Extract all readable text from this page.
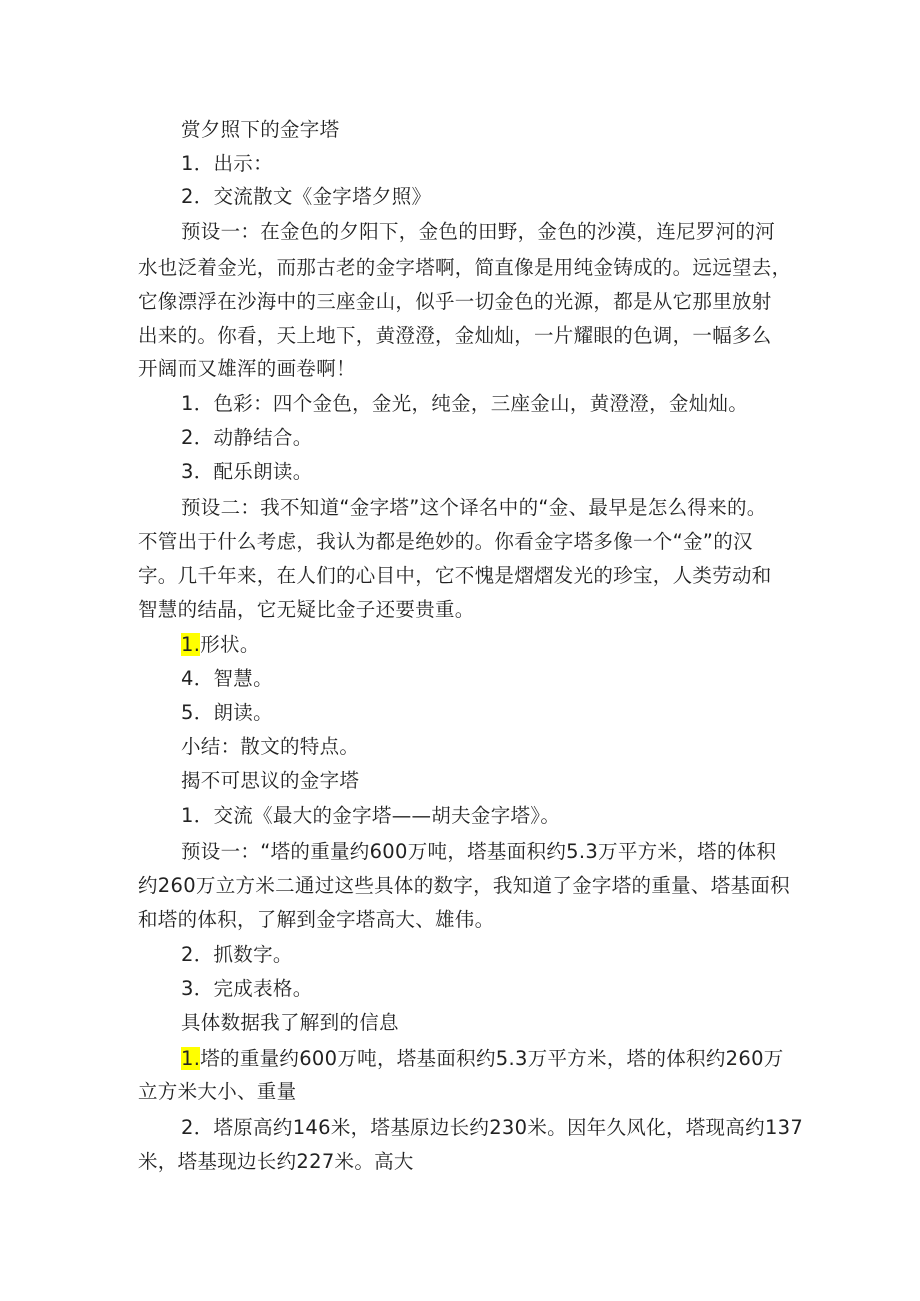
赏夕照下的金字塔
1．出示：
2．交流散文《金字塔夕照》
预设一：在金色的夕阳下，金色的田野，金色的沙漠，连尼罗河的河
水也泛着金光，而那古老的金字塔啊，简直像是用纯金铸成的。远远望去，
它像漂浮在沙海中的三座金山，似乎一切金色的光源，都是从它那里放射
出来的。你看，天上地下，黄澄澄，金灿灿，一片耀眼的色调，一幅多么
开阔而又雄浑的画卷啊！
1．色彩：四个金色，金光，纯金，三座金山，黄澄澄，金灿灿。
2．动静结合。
3．配乐朗读。
预设二：我不知道“金字塔”这个译名中的“金、最早是怎么得来的。
不管出于什么考虑，我认为都是绝妙的。你看金字塔多像一个“金”的汉
字。几千年来，在人们的心目中，它不愧是熠熠发光的珍宝，人类劳动和
智慧的结晶，它无疑比金子还要贵重。
1.形状。
4．智慧。
5．朗读。
小结：散文的特点。
揭不可思议的金字塔
1．交流《最大的金字塔——胡夫金字塔》。
预设一：“塔的重量约600万吨，塔基面积约5.3万平方米，塔的体积
约260万立方米二通过这些具体的数字，我知道了金字塔的重量、塔基面积
和塔的体积，了解到金字塔高大、雄伟。
2．抓数字。
3．完成表格。
具体数据我了解到的信息
1.塔的重量约600万吨，塔基面积约5.3万平方米，塔的体积约260万
立方米大小、重量
2．塔原高约146米，塔基原边长约230米。因年久风化，塔现高约137
米，塔基现边长约227米。高大
